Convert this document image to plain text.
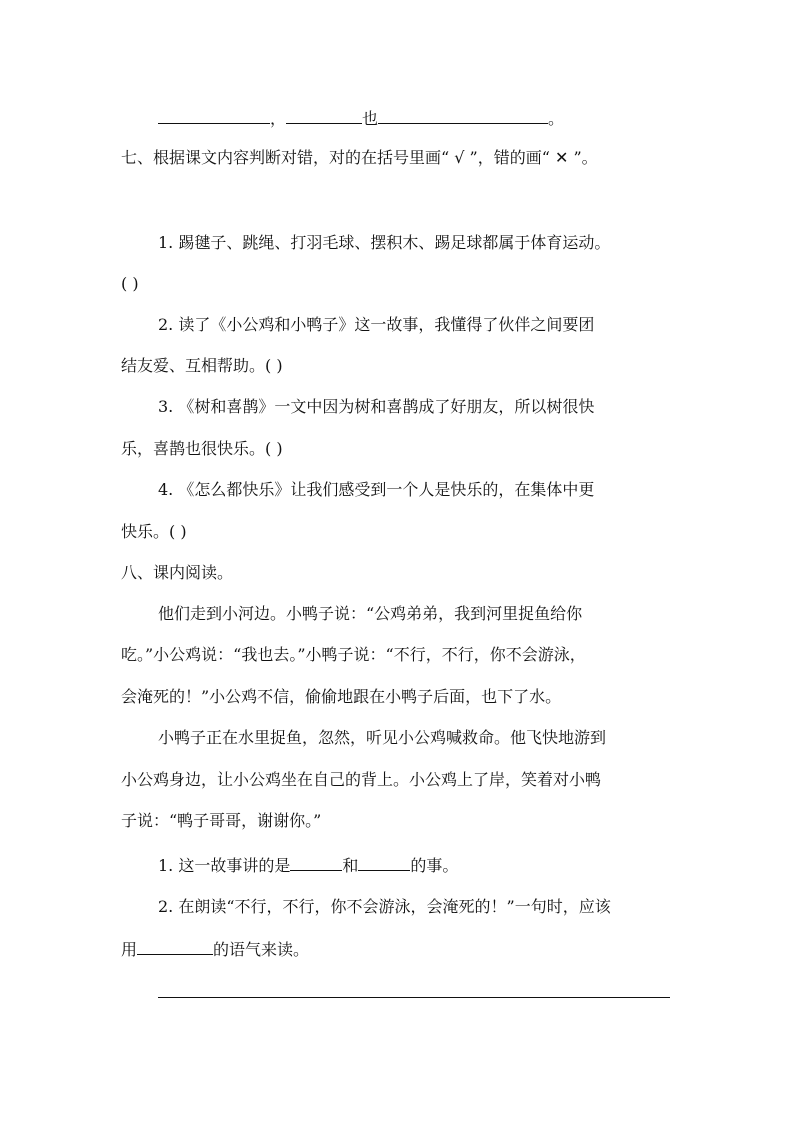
，	也	。
七、根据课文内容判断对错，对的在括号里画“ √ ”，错的画“ ✕ ”。
1. 踢毽子、跳绳、打羽毛球、摆积木、踢足球都属于体育运动。
( )
2. 读了《小公鸡和小鸭子》这一故事，我懂得了伙伴之间要团
结友爱、互相帮助。( )
3. 《树和喜鹊》一文中因为树和喜鹊成了好朋友，所以树很快
乐，喜鹊也很快乐。( )
4. 《怎么都快乐》让我们感受到一个人是快乐的，在集体中更
快乐。( )
八、课内阅读。
他们走到小河边。小鸭子说：“公鸡弟弟，我到河里捉鱼给你
吃。”小公鸡说：“我也去。”小鸭子说：“不行，不行，你不会游泳，
会淹死的！”小公鸡不信，偷偷地跟在小鸭子后面，也下了水。
小鸭子正在水里捉鱼，忽然，听见小公鸡喊救命。他飞快地游到
小公鸡身边，让小公鸡坐在自己的背上。小公鸡上了岸，笑着对小鸭
子说：“鸭子哥哥，谢谢你。”
1. 这一故事讲的是	和	的事。
2. 在朗读“不行，不行，你不会游泳，会淹死的！”一句时，应该
用	的语气来读。
